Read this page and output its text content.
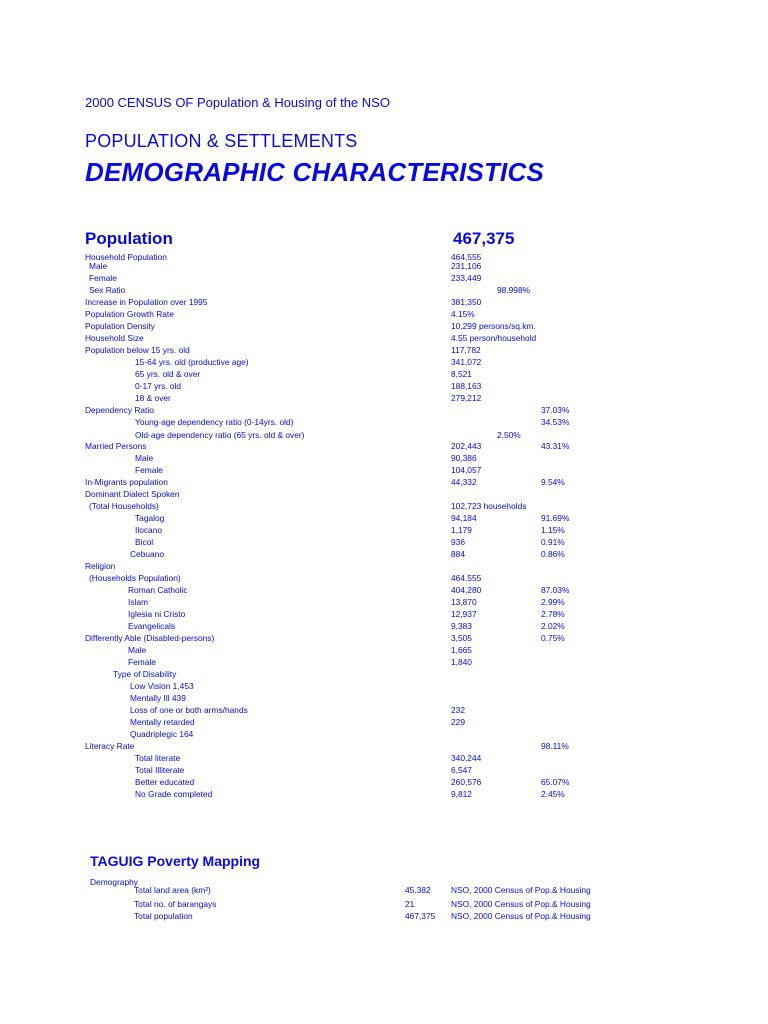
2000 CENSUS OF Population & Housing of the NSO
POPULATION & SETTLEMENTS
DEMOGRAPHIC CHARACTERISTICS
Population	467,375
Household Population	464,555
Male	231,106
Female	233,449
Sex Ratio	98.998%
Increase in Population over 1995	381,350
Population Growth Rate	4.15%
Population Density	10,299 persons/sq.km.
Household Size	4.55 person/household
Population below 15 yrs. old	117,782
15-64 yrs. old (productive age)	341,072
65 yrs. old & over	8,521
0-17 yrs. old	188,163
18 & over	279,212
Dependency Ratio	37.03%
Young-age dependency ratio (0-14yrs. old)	34.53%
Old-age dependency ratio (65 yrs. old & over)	2.50%
Married Persons	202,443	43.31%
Male	90,386
Female	104,057
In-Migrants population	44,332	9.54%
Dominant Dialect Spoken
(Total Households)	102,723 households
Tagalog	94,184	91.69%
Ilocano	1,179	1.15%
Bicol	936	0.91%
Cebuano	884	0.86%
Religion
(Households Population)	464,555
Roman Catholic	404,280	87.03%
Islam	13,870	2.99%
Iglesia ni Cristo	12,937	2.78%
Evangelicals	9,383	2.02%
Differently Able (Disabled-persons)	3,505	0.75%
Male	1,665
Female	1,840
Type of Disability
Low Vision 1,453
Mentally Ill 439
Loss of one or both arms/hands	232
Mentally retarded	229
Quadriplegic 164
Literacy Rate	98.11%
Total literate	340,244
Total Illiterate	6,547
Better educated	260,576	65.07%
No Grade completed	9,812	2.45%
TAGUIG Poverty Mapping
Demography
Total land area (km²)	45.382 NSO, 2000 Census of Pop.& Housing
Total no. of barangays	21	NSO, 2000 Census of Pop.& Housing
Total population	467,375 NSO, 2000 Census of Pop.& Housing
